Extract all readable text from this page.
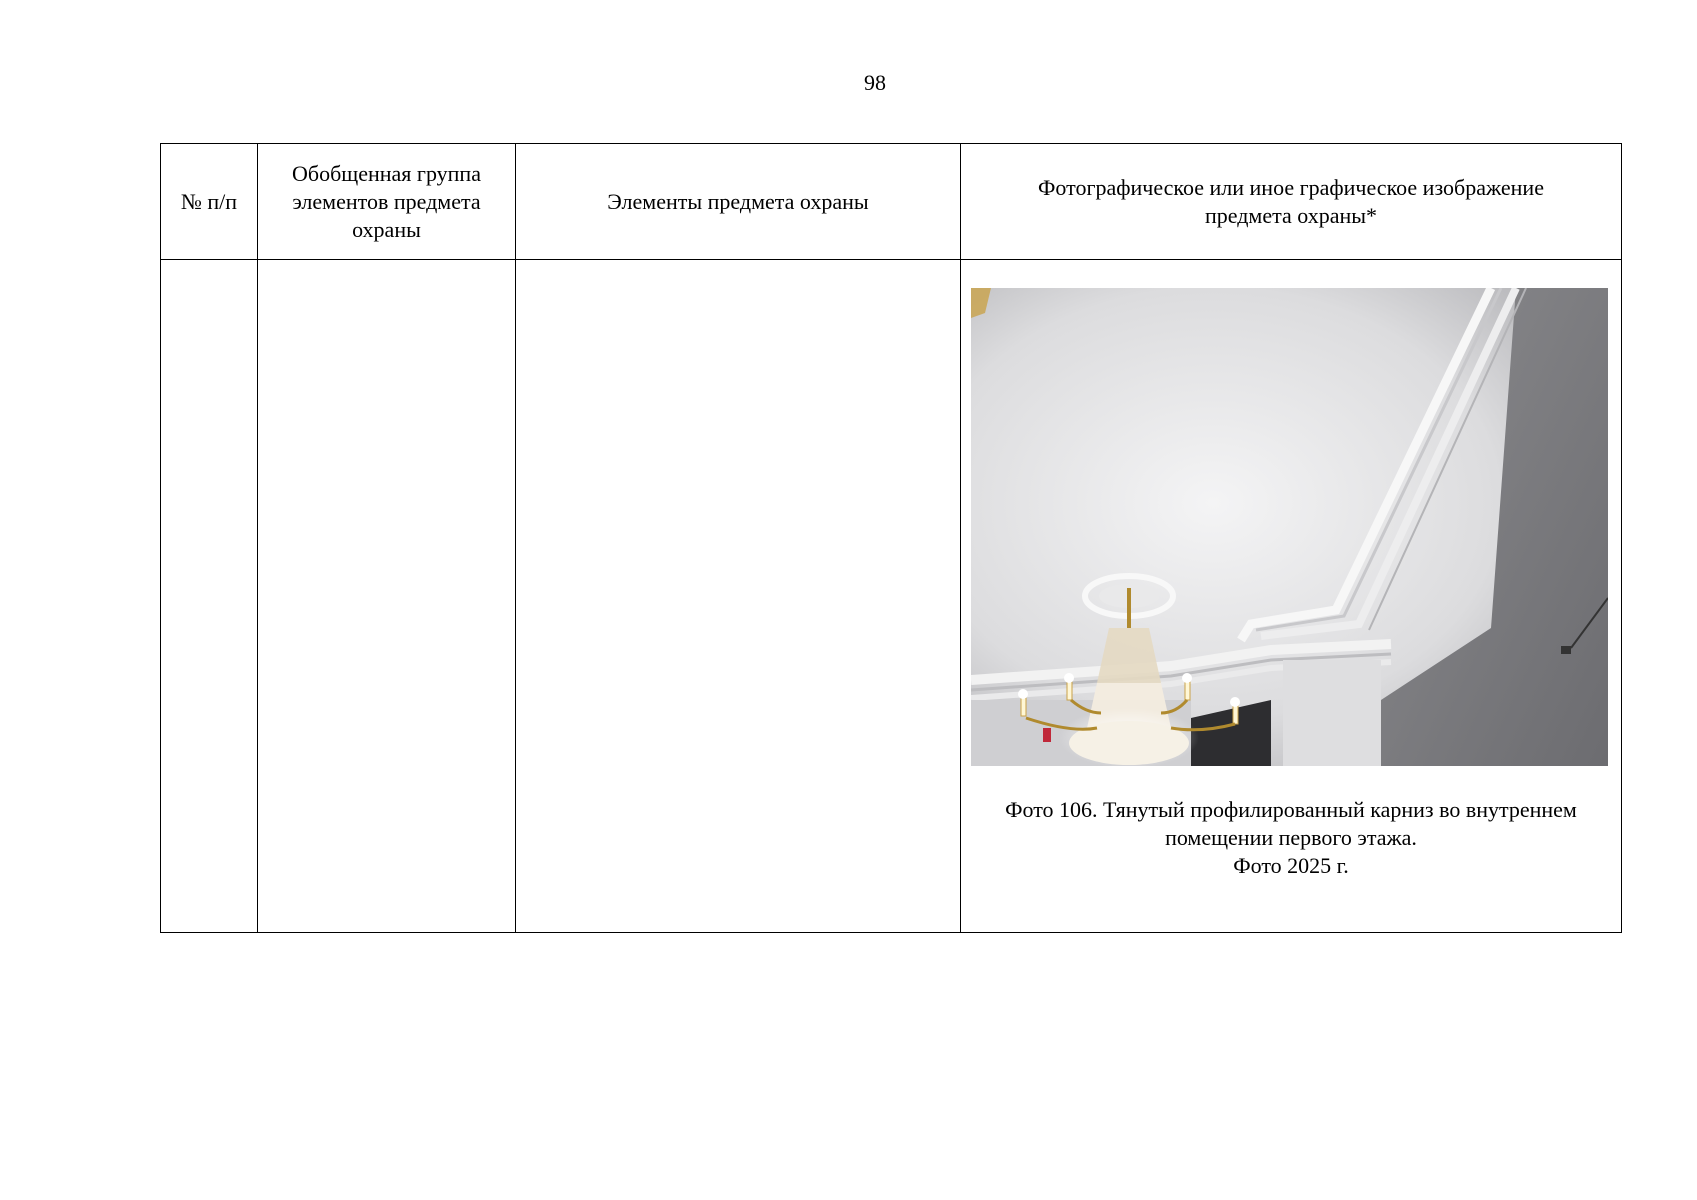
98
№ п/п	Обобщенная группа элементов предмета охраны	Элементы предмета охраны	Фотографическое или иное графическое изображение предмета охраны*

			Фото 106. Тянутый профилированный карниз во внутреннем
помещении первого этажа.
Фото 2025 г.
